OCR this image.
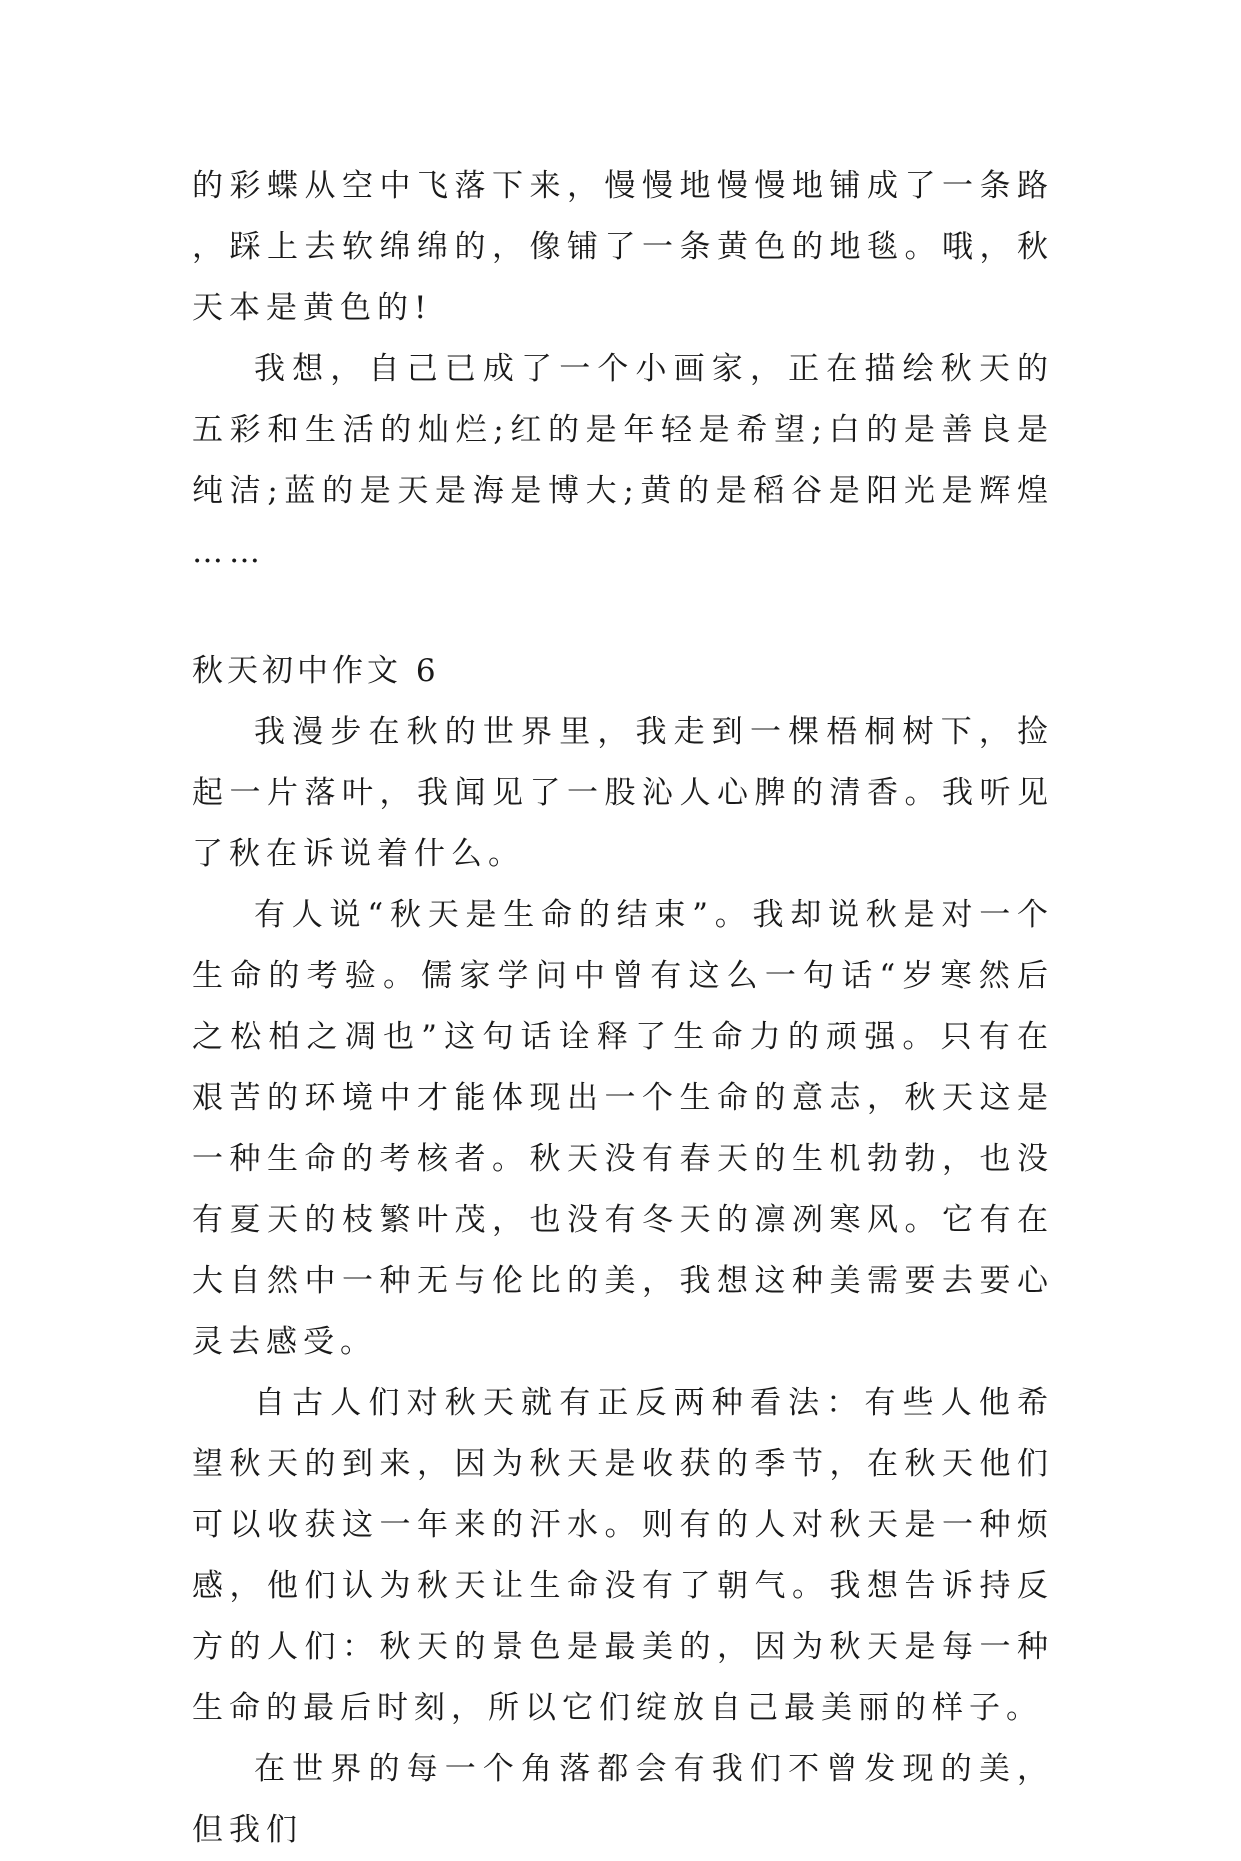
的彩蝶从空中飞落下来，慢慢地慢慢地铺成了一条路，踩上去软绵绵的，像铺了一条黄色的地毯。哦，秋天本是黄色的!

我想，自己已成了一个小画家，正在描绘秋天的五彩和生活的灿烂;红的是年轻是希望;白的是善良是纯洁;蓝的是天是海是博大;黄的是稻谷是阳光是辉煌……

秋天初中作文 6

我漫步在秋的世界里，我走到一棵梧桐树下，捡起一片落叶，我闻见了一股沁人心脾的清香。我听见了秋在诉说着什么。

有人说“秋天是生命的结束”。我却说秋是对一个生命的考验。儒家学问中曾有这么一句话“岁寒然后之松柏之凋也”这句话诠释了生命力的顽强。只有在艰苦的环境中才能体现出一个生命的意志，秋天这是一种生命的考核者。秋天没有春天的生机勃勃，也没有夏天的枝繁叶茂，也没有冬天的凛冽寒风。它有在大自然中一种无与伦比的美，我想这种美需要去要心灵去感受。

自古人们对秋天就有正反两种看法：有些人他希望秋天的到来，因为秋天是收获的季节，在秋天他们可以收获这一年来的汗水。则有的人对秋天是一种烦感，他们认为秋天让生命没有了朝气。我想告诉持反方的人们：秋天的景色是最美的，因为秋天是每一种生命的最后时刻，所以它们绽放自己最美丽的样子。

在世界的每一个角落都会有我们不曾发现的美，但我们
